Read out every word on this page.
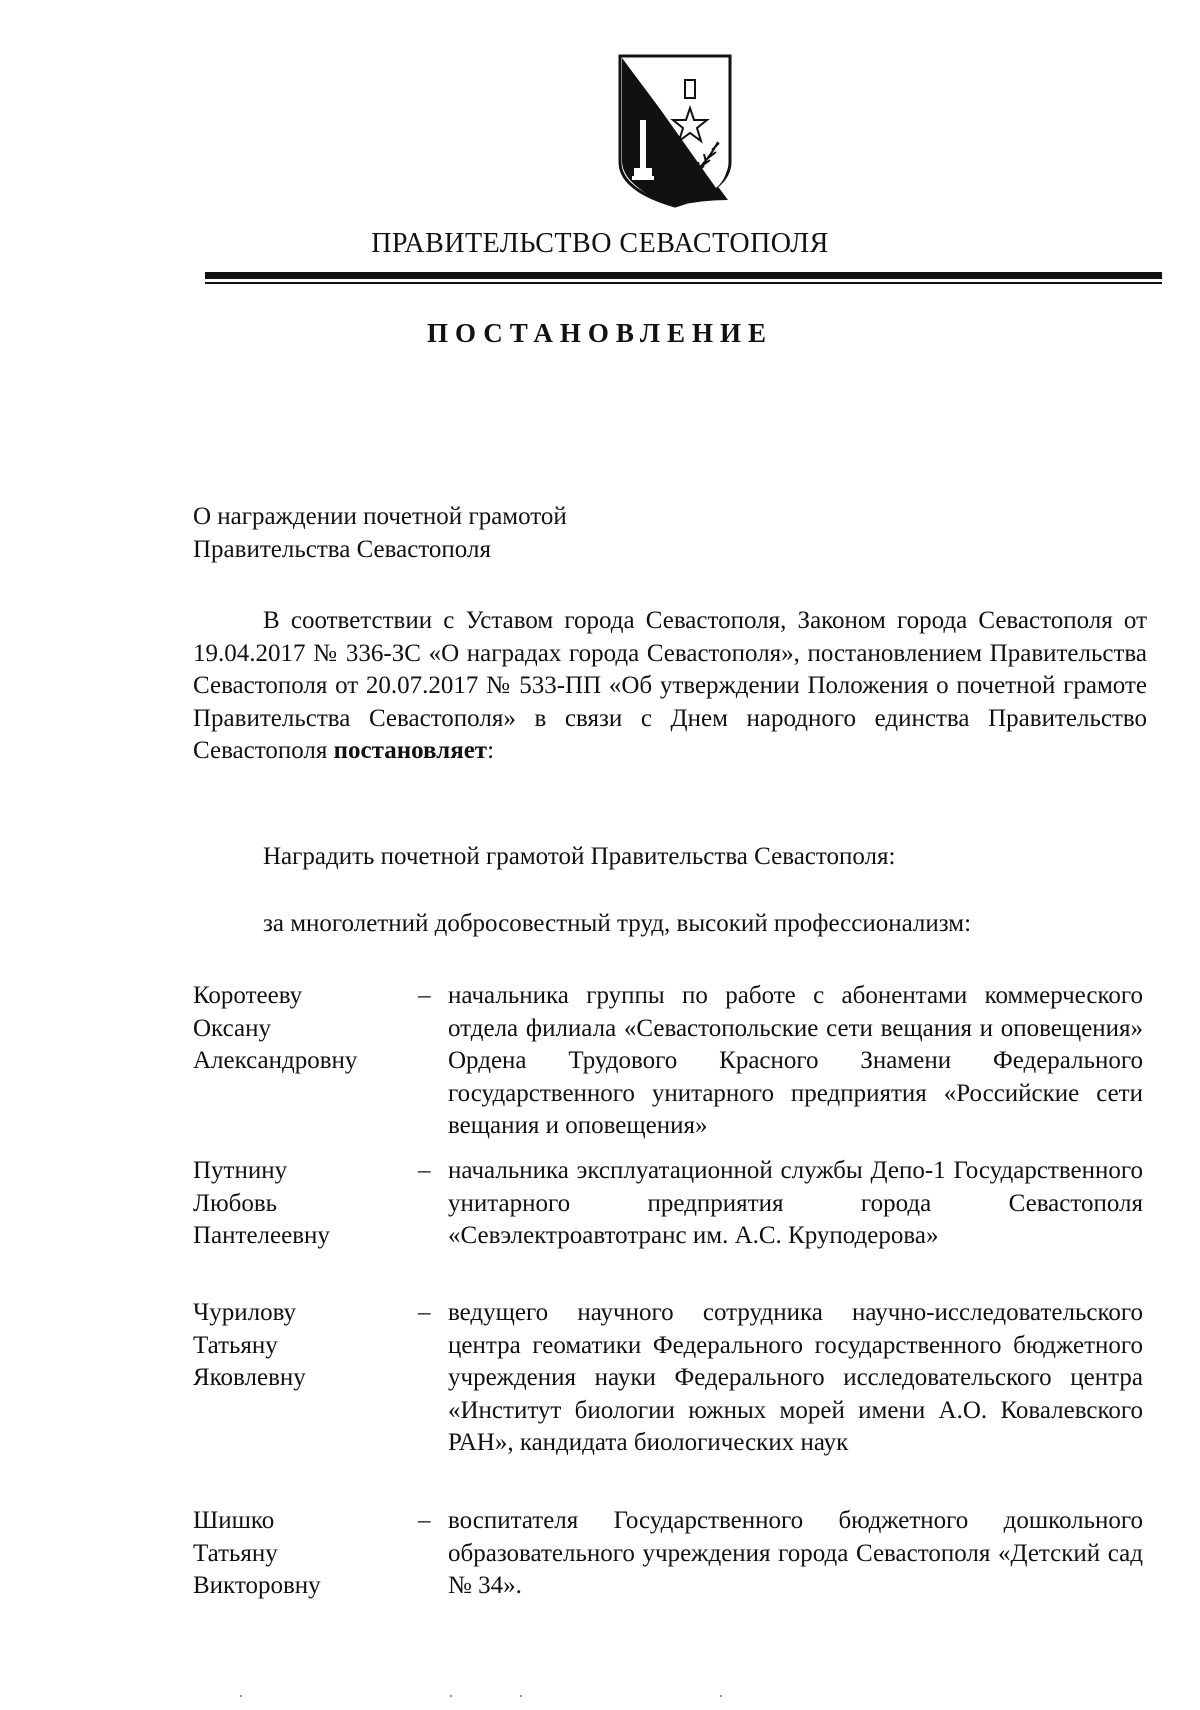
ПРАВИТЕЛЬСТВО СЕВАСТОПОЛЯ
ПОСТАНОВЛЕНИЕ
О награждении почетной грамотой
Правительства Севастополя
В соответствии с Уставом города Севастополя, Законом города Севастополя от 19.04.2017 № 336-ЗС «О наградах города Севастополя», постановлением Правительства Севастополя от 20.07.2017 № 533-ПП «Об утверждении Положения о почетной грамоте Правительства Севастополя» в связи с Днем народного единства Правительство Севастополя постановляет:
Наградить почетной грамотой Правительства Севастополя:
за многолетний добросовестный труд, высокий профессионализм:
Коротееву
Оксану
Александровну
– начальника группы по работе с абонентами коммерческого отдела филиала «Севастопольские сети вещания и оповещения» Ордена Трудового Красного Знамени Федерального государственного унитарного предприятия «Российские сети вещания и оповещения»
Путнину
Любовь
Пантелеевну
– начальника эксплуатационной службы Депо-1 Государственного унитарного предприятия города Севастополя «Севэлектроавтотранс им. А.С. Круподерова»
Чурилову
Татьяну
Яковлевну
– ведущего научного сотрудника научно-исследовательского центра геоматики Федерального государственного бюджетного учреждения науки Федерального исследовательского центра «Институт биологии южных морей имени А.О. Ковалевского РАН», кандидата биологических наук
Шишко
Татьяну
Викторовну
– воспитателя Государственного бюджетного дошкольного образовательного учреждения города Севастополя «Детский сад № 34».
